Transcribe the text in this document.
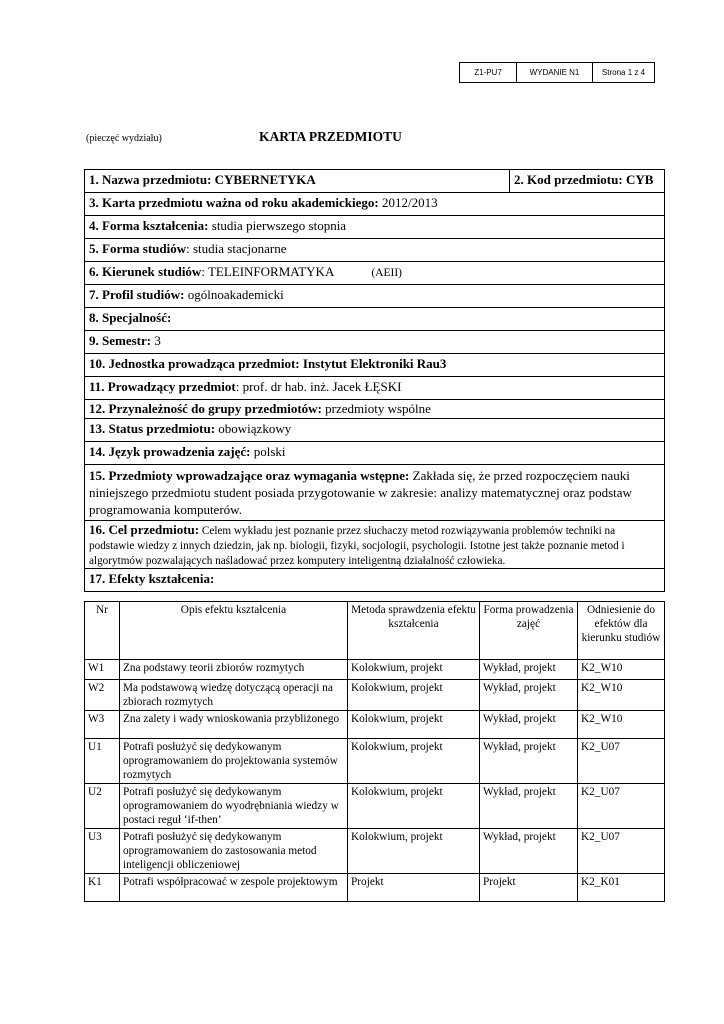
Z1-PU7	WYDANIE N1	Strona 1 z 4
(pieczęć wydziału)	KARTA PRZEDMIOTU
1. Nazwa przedmiotu: CYBERNETYKA	2. Kod przedmiotu: CYB
3. Karta przedmiotu ważna od roku akademickiego: 2012/2013
4. Forma kształcenia: studia pierwszego stopnia
5. Forma studiów: studia stacjonarne
6. Kierunek studiów: TELEINFORMATYKA	(AEII)
7. Profil studiów: ogólnoakademicki
8. Specjalność:
9. Semestr: 3
10. Jednostka prowadząca przedmiot: Instytut Elektroniki Rau3
11. Prowadzący przedmiot: prof. dr hab. inż. Jacek ŁĘSKI
12. Przynależność do grupy przedmiotów: przedmioty wspólne
13. Status przedmiotu: obowiązkowy
14. Język prowadzenia zajęć: polski
15. Przedmioty wprowadzające oraz wymagania wstępne: Zakłada się, że przed rozpoczęciem nauki niniejszego przedmiotu student posiada przygotowanie w zakresie: analizy matematycznej oraz podstaw programowania komputerów.
16. Cel przedmiotu: Celem wykładu jest poznanie przez słuchaczy metod rozwiązywania problemów techniki na podstawie wiedzy z innych dziedzin, jak np. biologii, fizyki, socjologii, psychologii. Istotne jest także poznanie metod i algorytmów pozwalających naśladować przez komputery inteligentną działalność człowieka.
17. Efekty kształcenia:
Nr	Opis efektu kształcenia	Metoda sprawdzenia efektu kształcenia	Forma prowadzenia zajęć	Odniesienie do efektów dla kierunku studiów
W1	Zna podstawy teorii zbiorów rozmytych	Kolokwium, projekt	Wykład, projekt	K2_W10
W2	Ma podstawową wiedzę dotyczącą operacji na zbiorach rozmytych	Kolokwium, projekt	Wykład, projekt	K2_W10
W3	Zna zalety i wady wnioskowania przybliżonego	Kolokwium, projekt	Wykład, projekt	K2_W10
U1	Potrafi posłużyć się dedykowanym oprogramowaniem do projektowania systemów rozmytych	Kolokwium, projekt	Wykład, projekt	K2_U07
U2	Potrafi posłużyć się dedykowanym oprogramowaniem do wyodrębniania wiedzy w postaci reguł ‘if-then’	Kolokwium, projekt	Wykład, projekt	K2_U07
U3	Potrafi posłużyć się dedykowanym oprogramowaniem do zastosowania metod inteligencji obliczeniowej	Kolokwium, projekt	Wykład, projekt	K2_U07
K1	Potrafi współpracować w zespole projektowym	Projekt	Projekt	K2_K01
